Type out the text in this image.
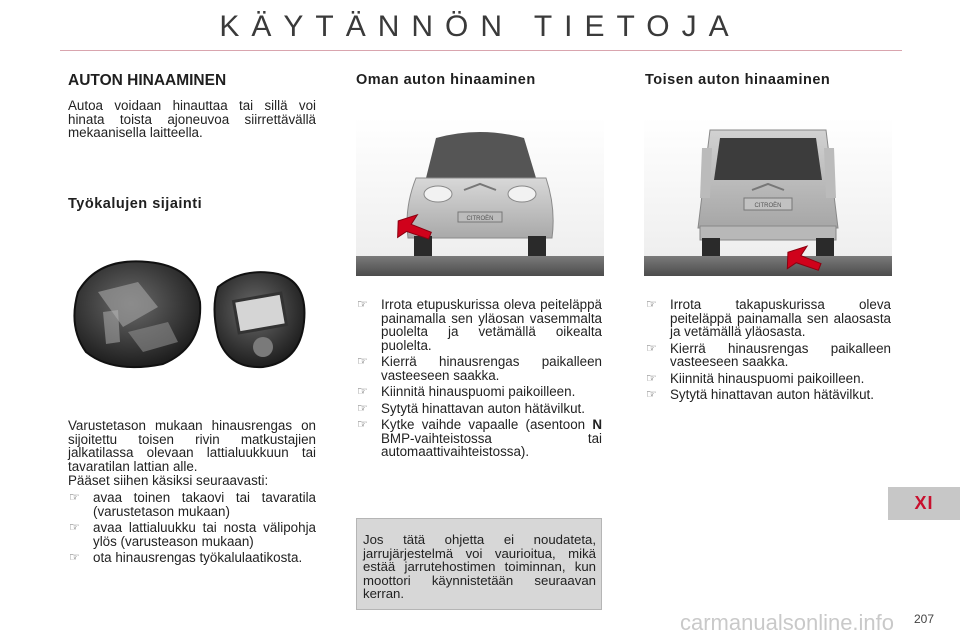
KÄYTÄNNÖN TIETOJA
AUTON HINAAMINEN

Autoa voidaan hinauttaa tai sillä voi hinata toista ajoneuvoa siirrettävällä mekaanisella laitteella.

Työkalujen sijainti

Varustetason mukaan hinausrengas on sijoitettu toisen rivin matkustajien jalkatilassa olevaan lattialuukkuun tai tavaratilan lattian alle.

Pääset siihen käsiksi seuraavasti:

☞ avaa toinen takaovi tai tavaratila (varustetason mukaan)
☞ avaa lattialuukku tai nosta välipohja ylös (varusteason mukaan)
☞ ota hinausrengas työkalulaatikosta.
Oman auton hinaaminen
CITROËN
☞ Irrota etupuskurissa oleva peiteläppä painamalla sen yläosan vasemmalta puolelta ja vetämällä oikealta puolelta.
☞ Kierrä hinausrengas paikalleen vasteeseen saakka.
☞ Kiinnitä hinauspuomi paikoilleen.
☞ Sytytä hinattavan auton hätävilkut.
☞ Kytke vaihde vapaalle (asentoon N BMP-vaihteistossa tai automaattivaihteistossa).
Jos tätä ohjetta ei noudateta, jarrujärjestelmä voi vaurioitua, mikä estää jarrutehostimen toiminnan, kun moottori käynnistetään seuraavan kerran.
Toisen auton hinaaminen
CITROËN
☞ Irrota takapuskurissa oleva peiteläppä painamalla sen alaosasta ja vetämällä yläosasta.
☞ Kierrä hinausrengas paikalleen vasteeseen saakka.
☞ Kiinnitä hinauspuomi paikoilleen.
☞ Sytytä hinattavan auton hätävilkut.
XI
carmanualsonline.info 207
